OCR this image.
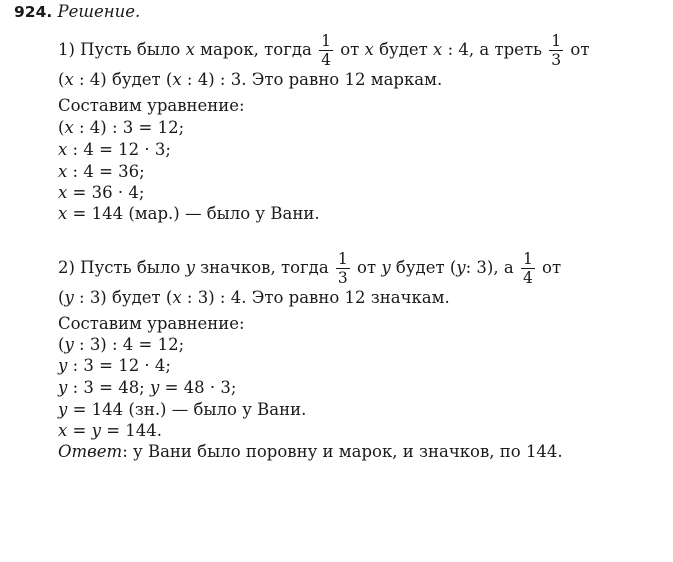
924. Решение.
1) Пусть было x марок, тогда $\frac{1}{4}$ от x будет x : 4, а треть $\frac{1}{3}$ от
(x : 4) будет (x : 4) : 3. Это равно 12 маркам.
Составим уравнение:
(x : 4) : 3 = 12;
x : 4 = 12 · 3;
x : 4 = 36;
x = 36 · 4;
x = 144 (мар.) — было у Вани.
2) Пусть было y значков, тогда $\frac{1}{3}$ от y будет (y: 3), а $\frac{1}{4}$ от
(y : 3) будет (x : 3) : 4. Это равно 12 значкам.
Составим уравнение:
(y : 3) : 4 = 12;
y : 3 = 12 · 4;
y : 3 = 48; y = 48 · 3;
y = 144 (зн.) — было у Вани.
x = y = 144.
Ответ: у Вани было поровну и марок, и значков, по 144.
